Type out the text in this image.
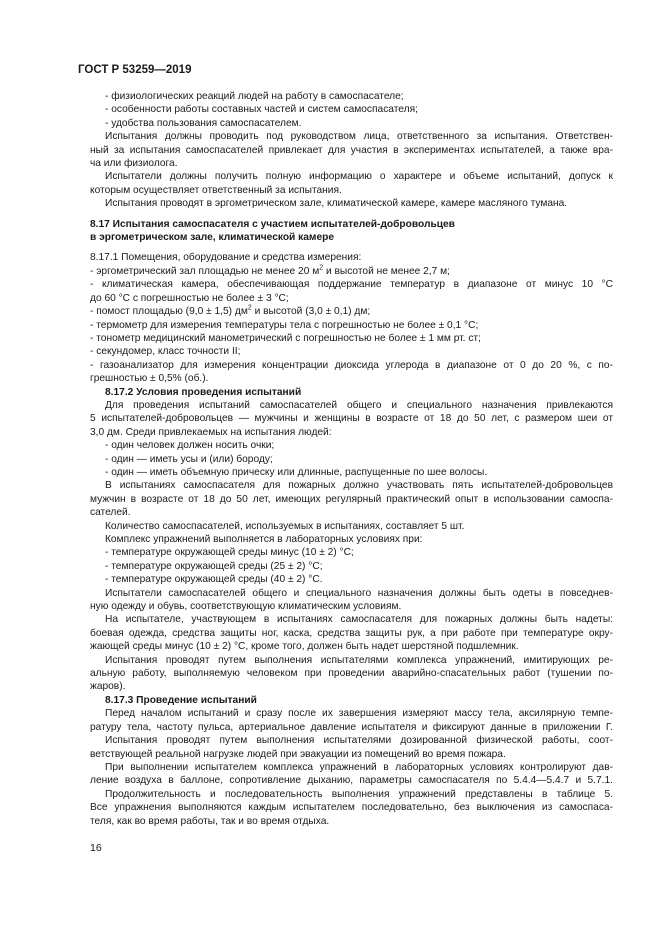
ГОСТ Р 53259—2019
- физиологических реакций людей на работу в самоспасателе;
- особенности работы составных частей и систем самоспасателя;
- удобства пользования самоспасателем.
Испытания должны проводить под руководством лица, ответственного за испытания. Ответствен-
ный за испытания самоспасателей привлекает для участия в экспериментах испытателей, а также вра-
ча или физиолога.
Испытатели должны получить полную информацию о характере и объеме испытаний, допуск к
которым осуществляет ответственный за испытания.
Испытания проводят в эргометрическом зале, климатической камере, камере масляного тумана.
8.17 Испытания самоспасателя с участием испытателей-добровольцев
в эргометрическом зале, климатической камере
8.17.1 Помещения, оборудование и средства измерения:
- эргометрический зал площадью не менее 20 $м^2$ и высотой не менее 2,7 м;
- климатическая камера, обеспечивающая поддержание температур в диапазоне от минус 10 °С
до 60 °С с погрешностью не более ± 3 °С;
- помост площадью (9,0 ± 1,5) $дм^2$ и высотой (3,0 ± 0,1) дм;
- термометр для измерения температуры тела с погрешностью не более ± 0,1 °С;
- тонометр медицинский манометрический с погрешностью не более ± 1 мм рт. ст;
- секундомер, класс точности II;
- газоанализатор для измерения концентрации диоксида углерода в диапазоне от 0 до 20 %, с по-
грешностью ± 0,5% (об.).
8.17.2 Условия проведения испытаний
Для проведения испытаний самоспасателей общего и специального назначения привлекаются
5 испытателей-добровольцев — мужчины и женщины в возрасте от 18 до 50 лет, с размером шеи от
3,0 дм. Среди привлекаемых на испытания людей:
- один человек должен носить очки;
- один — иметь усы и (или) бороду;
- один — иметь объемную прическу или длинные, распущенные по шее волосы.
В испытаниях самоспасателя для пожарных должно участвовать пять испытателей-добровольцев
мужчин в возрасте от 18 до 50 лет, имеющих регулярный практический опыт в использовании самоспа-
сателей.
Количество самоспасателей, используемых в испытаниях, составляет 5 шт.
Комплекс упражнений выполняется в лабораторных условиях при:
- температуре окружающей среды минус (10 ± 2) °С;
- температуре окружающей среды (25 ± 2) °С;
- температуре окружающей среды (40 ± 2) °С.
Испытатели самоспасателей общего и специального назначения должны быть одеты в повседнев-
ную одежду и обувь, соответствующую климатическим условиям.
На испытателе, участвующем в испытаниях самоспасателя для пожарных должны быть надеты:
боевая одежда, средства защиты ног, каска, средства защиты рук, а при работе при температуре окру-
жающей среды минус (10 ± 2) °С, кроме того, должен быть надет шерстяной подшлемник.
Испытания проводят путем выполнения испытателями комплекса упражнений, имитирующих ре-
альную работу, выполняемую человеком при проведении аварийно-спасательных работ (тушении по-
жаров).
8.17.3 Проведение испытаний
Перед началом испытаний и сразу после их завершения измеряют массу тела, аксилярную темпе-
ратуру тела, частоту пульса, артериальное давление испытателя и фиксируют данные в приложении Г.
Испытания проводят путем выполнения испытателями дозированной физической работы, соот-
ветствующей реальной нагрузке людей при эвакуации из помещений во время пожара.
При выполнении испытателем комплекса упражнений в лабораторных условиях контролируют дав-
ление воздуха в баллоне, сопротивление дыханию, параметры самоспасателя по 5.4.4—5.4.7 и 5.7.1.
Продолжительность и последовательность выполнения упражнений представлены в таблице 5.
Все упражнения выполняются каждым испытателем последовательно, без выключения из самоспаса-
теля, как во время работы, так и во время отдыха.
16
